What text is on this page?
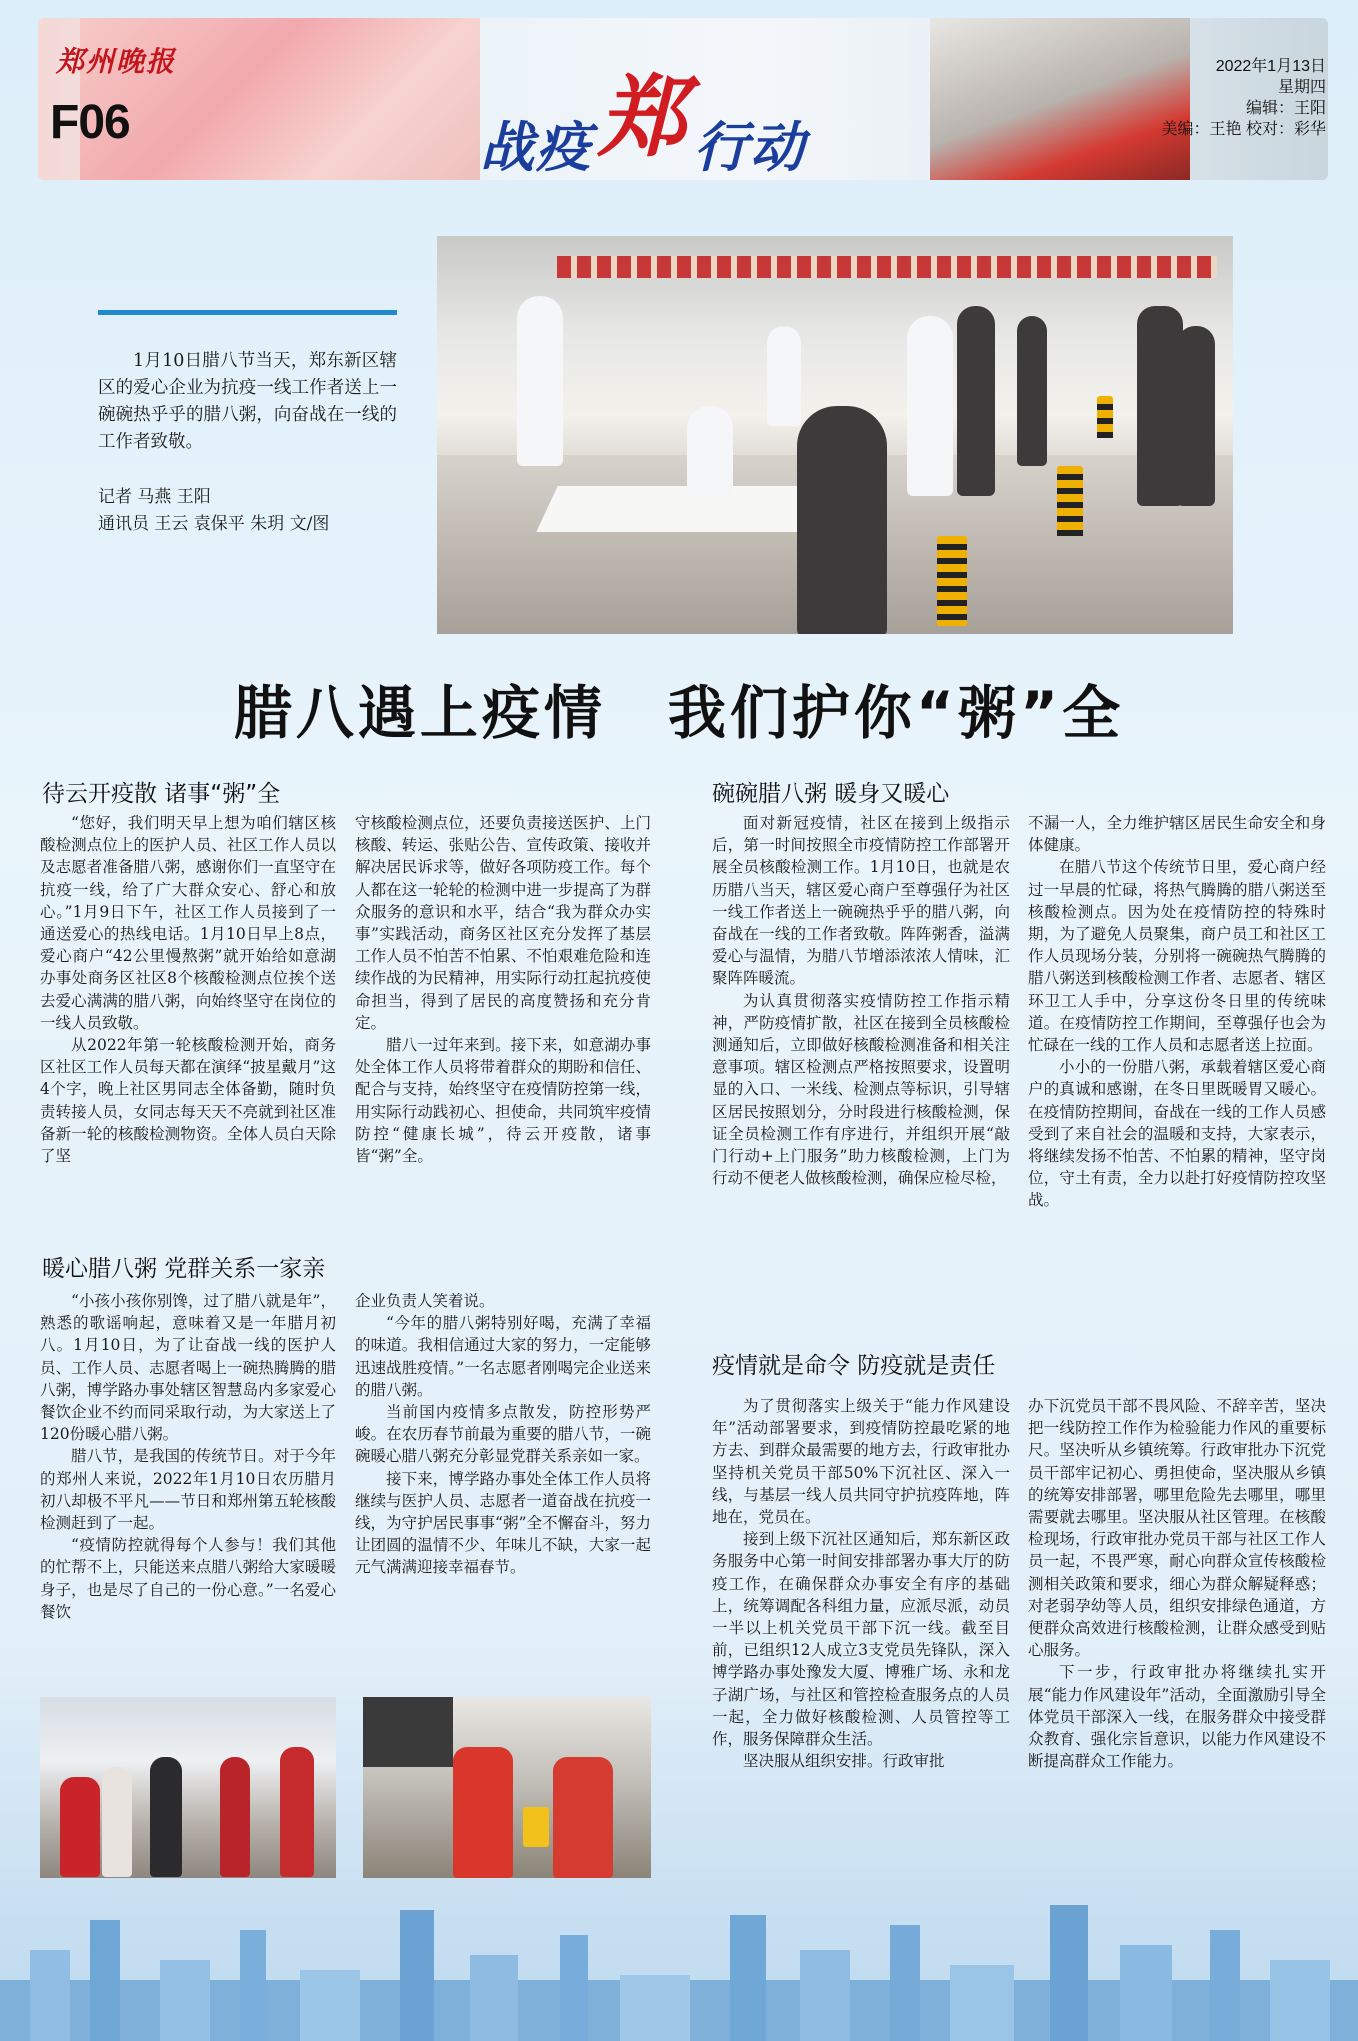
郑州晚报
F06	战疫郑 行动
2022年1月13日
星期四
编辑：王阳
美编：王艳 校对：彩华

1月10日腊八节当天，郑东新区辖区的爱心企业为抗疫一线工作者送上一碗碗热乎乎的腊八粥，向奋战在一线的工作者致敬。

记者 马燕 王阳
通讯员 王云 袁保平 朱玥 文/图
腊八遇上疫情　我们护你“粥”全
待云开疫散 诸事“粥”全

“您好，我们明天早上想为咱们辖区核酸检测点位上的医护人员、社区工作人员以及志愿者准备腊八粥，感谢你们一直坚守在抗疫一线，给了广大群众安心、舒心和放心。”1月9日下午，社区工作人员接到了一通送爱心的热线电话。1月10日早上8点，爱心商户“42公里慢熬粥”就开始给如意湖办事处商务区社区8个核酸检测点位挨个送去爱心满满的腊八粥，向始终坚守在岗位的一线人员致敬。

从2022年第一轮核酸检测开始，商务区社区工作人员每天都在演绎“披星戴月”这4个字，晚上社区男同志全体备勤，随时负责转接人员，女同志每天天不亮就到社区准备新一轮的核酸检测物资。全体人员白天除了坚

守核酸检测点位，还要负责接送医护、上门核酸、转运、张贴公告、宣传政策、接收并解决居民诉求等，做好各项防疫工作。每个人都在这一轮轮的检测中进一步提高了为群众服务的意识和水平，结合“我为群众办实事”实践活动，商务区社区充分发挥了基层工作人员不怕苦不怕累、不怕艰难危险和连续作战的为民精神，用实际行动扛起抗疫使命担当，得到了居民的高度赞扬和充分肯定。

腊八一过年来到。接下来，如意湖办事处全体工作人员将带着群众的期盼和信任、配合与支持，始终坚守在疫情防控第一线，用实际行动践初心、担使命，共同筑牢疫情防控“健康长城”，待云开疫散，诸事皆“粥”全。

暖心腊八粥 党群关系一家亲

“小孩小孩你别馋，过了腊八就是年”，熟悉的歌谣响起，意味着又是一年腊月初八。1月10日，为了让奋战一线的医护人员、工作人员、志愿者喝上一碗热腾腾的腊八粥，博学路办事处辖区智慧岛内多家爱心餐饮企业不约而同采取行动，为大家送上了120份暖心腊八粥。

腊八节，是我国的传统节日。对于今年的郑州人来说，2022年1月10日农历腊月初八却极不平凡——节日和郑州第五轮核酸检测赶到了一起。

“疫情防控就得每个人参与！我们其他的忙帮不上，只能送来点腊八粥给大家暖暖身子，也是尽了自己的一份心意。”一名爱心餐饮

企业负责人笑着说。

“今年的腊八粥特别好喝，充满了幸福的味道。我相信通过大家的努力，一定能够迅速战胜疫情。”一名志愿者刚喝完企业送来的腊八粥。

当前国内疫情多点散发，防控形势严峻。在农历春节前最为重要的腊八节，一碗碗暖心腊八粥充分彰显党群关系亲如一家。

接下来，博学路办事处全体工作人员将继续与医护人员、志愿者一道奋战在抗疫一线，为守护居民事事“粥”全不懈奋斗，努力让团圆的温情不少、年味儿不缺，大家一起元气满满迎接幸福春节。

碗碗腊八粥 暖身又暖心

面对新冠疫情，社区在接到上级指示后，第一时间按照全市疫情防控工作部署开展全员核酸检测工作。1月10日，也就是农历腊八当天，辖区爱心商户至尊强仔为社区一线工作者送上一碗碗热乎乎的腊八粥，向奋战在一线的工作者致敬。阵阵粥香，溢满爱心与温情，为腊八节增添浓浓人情味，汇聚阵阵暖流。

为认真贯彻落实疫情防控工作指示精神，严防疫情扩散，社区在接到全员核酸检测通知后，立即做好核酸检测准备和相关注意事项。辖区检测点严格按照要求，设置明显的入口、一米线、检测点等标识，引导辖区居民按照划分，分时段进行核酸检测，保证全员检测工作有序进行，并组织开展“敲门行动+上门服务”助力核酸检测，上门为行动不便老人做核酸检测，确保应检尽检，

不漏一人，全力维护辖区居民生命安全和身体健康。

在腊八节这个传统节日里，爱心商户经过一早晨的忙碌，将热气腾腾的腊八粥送至核酸检测点。因为处在疫情防控的特殊时期，为了避免人员聚集，商户员工和社区工作人员现场分装，分别将一碗碗热气腾腾的腊八粥送到核酸检测工作者、志愿者、辖区环卫工人手中，分享这份冬日里的传统味道。在疫情防控工作期间，至尊强仔也会为忙碌在一线的工作人员和志愿者送上拉面。

小小的一份腊八粥，承载着辖区爱心商户的真诚和感谢，在冬日里既暖胃又暖心。在疫情防控期间，奋战在一线的工作人员感受到了来自社会的温暖和支持，大家表示，将继续发扬不怕苦、不怕累的精神，坚守岗位，守土有责，全力以赴打好疫情防控攻坚战。

疫情就是命令 防疫就是责任

为了贯彻落实上级关于“能力作风建设年”活动部署要求，到疫情防控最吃紧的地方去、到群众最需要的地方去，行政审批办坚持机关党员干部50%下沉社区、深入一线，与基层一线人员共同守护抗疫阵地，阵地在，党员在。

接到上级下沉社区通知后，郑东新区政务服务中心第一时间安排部署办事大厅的防疫工作，在确保群众办事安全有序的基础上，统筹调配各科组力量，应派尽派，动员一半以上机关党员干部下沉一线。截至目前，已组织12人成立3支党员先锋队，深入博学路办事处豫发大厦、博雅广场、永和龙子湖广场，与社区和管控检查服务点的人员一起，全力做好核酸检测、人员管控等工作，服务保障群众生活。

坚决服从组织安排。行政审批

办下沉党员干部不畏风险、不辞辛苦，坚决把一线防控工作作为检验能力作风的重要标尺。坚决听从乡镇统筹。行政审批办下沉党员干部牢记初心、勇担使命，坚决服从乡镇的统筹安排部署，哪里危险先去哪里，哪里需要就去哪里。坚决服从社区管理。在核酸检现场，行政审批办党员干部与社区工作人员一起，不畏严寒，耐心向群众宣传核酸检测相关政策和要求，细心为群众解疑释惑；对老弱孕幼等人员，组织安排绿色通道，方便群众高效进行核酸检测，让群众感受到贴心服务。

下一步，行政审批办将继续扎实开展“能力作风建设年”活动，全面激励引导全体党员干部深入一线，在服务群众中接受群众教育、强化宗旨意识，以能力作风建设不断提高群众工作能力。
